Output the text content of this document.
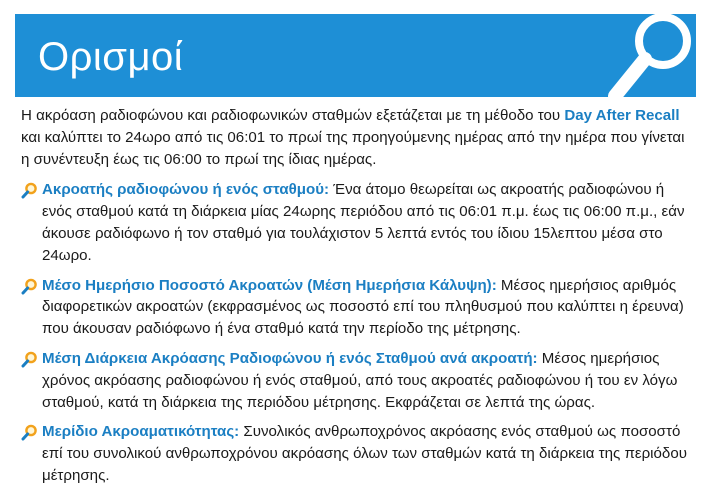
Ορισμοί

Η ακρόαση ραδιοφώνου και ραδιοφωνικών σταθμών εξετάζεται με τη μέθοδο του Day After Recall και καλύπτει το 24ωρο από τις 06:01 το πρωί της προηγούμενης ημέρας από την ημέρα που γίνεται η συνέντευξη έως τις 06:00 το πρωί της ίδιας ημέρας.

Ακροατής ραδιοφώνου ή ενός σταθμού: Ένα άτομο θεωρείται ως ακροατής ραδιοφώνου ή ενός σταθμού κατά τη διάρκεια μίας 24ωρης περιόδου από τις 06:01 π.μ. έως τις 06:00 π.μ., εάν άκουσε ραδιόφωνο ή τον σταθμό για τουλάχιστον 5 λεπτά εντός του ίδιου 15λεπτου μέσα στο 24ωρο.
Μέσο Ημερήσιο Ποσοστό Ακροατών (Μέση Ημερήσια Κάλυψη): Μέσος ημερήσιος αριθμός διαφορετικών ακροατών (εκφρασμένος ως ποσοστό επί του πληθυσμού που καλύπτει η έρευνα) που άκουσαν ραδιόφωνο ή ένα σταθμό κατά την περίοδο της μέτρησης.
Μέση Διάρκεια Ακρόασης Ραδιοφώνου ή ενός Σταθμού ανά ακροατή: Μέσος ημερήσιος χρόνος ακρόασης ραδιοφώνου ή ενός σταθμού, από τους ακροατές ραδιοφώνου ή του εν λόγω σταθμού, κατά τη διάρκεια της περιόδου μέτρησης. Εκφράζεται σε λεπτά της ώρας.
Μερίδιο Ακροαματικότητας: Συνολικός ανθρωποχρόνος ακρόασης ενός σταθμού ως ποσοστό επί του συνολικού ανθρωποχρόνου ακρόασης όλων των σταθμών κατά τη διάρκεια της περιόδου μέτρησης.
